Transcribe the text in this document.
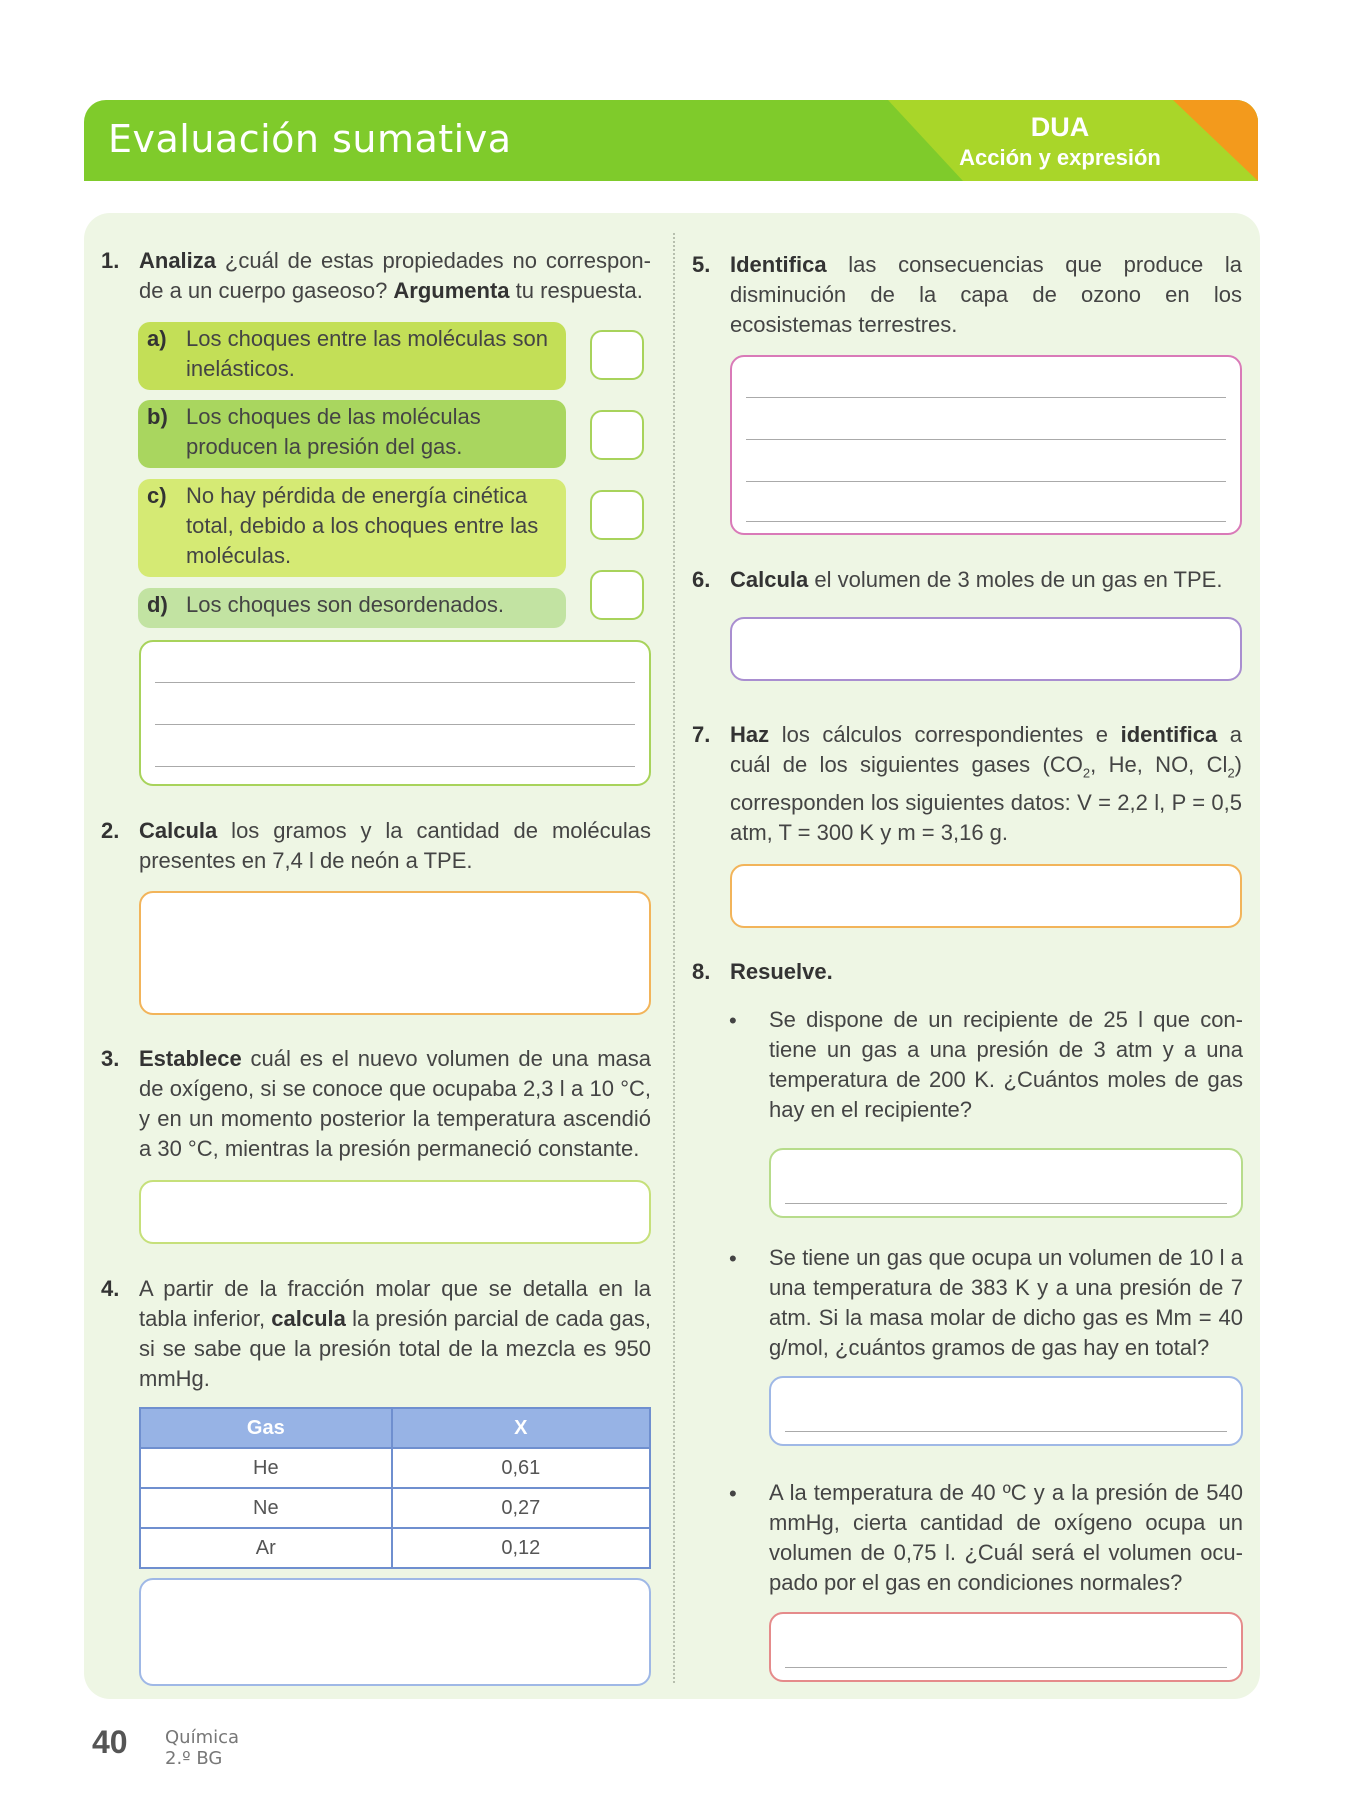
Evaluación sumativa	DUA
Acción y expresión
1. Analiza ¿cuál de estas propiedades no corresponde a un cuerpo gaseoso? Argumenta tu respuesta.
a) Los choques entre las moléculas son inelásticos.
b) Los choques de las moléculas producen la presión del gas.
c) No hay pérdida de energía cinética total, debido a los choques entre las moléculas.
d) Los choques son desordenados.
2. Calcula los gramos y la cantidad de moléculas presentes en 7,4 l de neón a TPE.
3. Establece cuál es el nuevo volumen de una masa de oxígeno, si se conoce que ocupaba 2,3 l a 10 °C, y en un momento posterior la temperatura ascendió a 30 °C, mientras la presión permaneció constante.
4. A partir de la fracción molar que se detalla en la tabla inferior, calcula la presión parcial de cada gas, si se sabe que la presión total de la mezcla es 950 mmHg.
Gas	X
He	0,61
Ne	0,27
Ar	0,12
5. Identifica las consecuencias que produce la disminución de la capa de ozono en los ecosistemas terrestres.
6. Calcula el volumen de 3 moles de un gas en TPE.
7. Haz los cálculos correspondientes e identifica a cuál de los siguientes gases ($CO_2$, He, NO, $Cl_2$) corresponden los siguientes datos: V = 2,2 l, P = 0,5 atm, T = 300 K y m = 3,16 g.
8. Resuelve.
• Se dispone de un recipiente de 25 l que contiene un gas a una presión de 3 atm y a una temperatura de 200 K. ¿Cuántos moles de gas hay en el recipiente?
• Se tiene un gas que ocupa un volumen de 10 l a una temperatura de 383 K y a una presión de 7 atm. Si la masa molar de dicho gas es Mm = 40 g/mol, ¿cuántos gramos de gas hay en total?
• A la temperatura de 40 ºC y a la presión de 540 mmHg, cierta cantidad de oxígeno ocupa un volumen de 0,75 l. ¿Cuál será el volumen ocupado por el gas en condiciones normales?
40 Química
2.º BG
